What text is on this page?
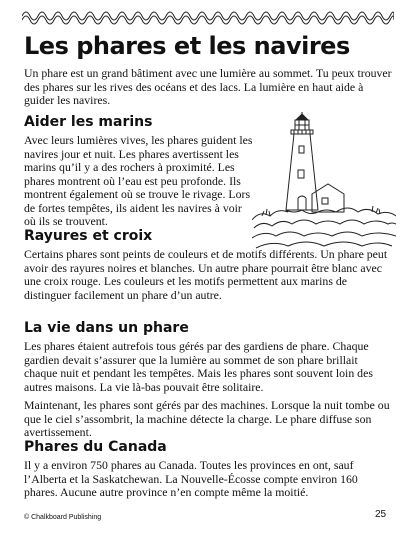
Les phares et les navires

Un phare est un grand bâtiment avec une lumière au sommet. Tu peux trouver des phares sur les rives des océans et des lacs. La lumière en haut aide à guider les navires.

Aider les marins

Avec leurs lumières vives, les phares guident les navires jour et nuit. Les phares avertissent les marins qu’il y a des rochers à proximité. Les phares montrent où l’eau est peu profonde. Ils montrent également où se trouve le rivage. Lors de fortes tempêtes, ils aident les navires à voir où ils se trouvent.

Rayures et croix

Certains phares sont peints de couleurs et de motifs différents. Un phare peut avoir des rayures noires et blanches. Un autre phare pourrait être blanc avec une croix rouge. Les couleurs et les motifs permettent aux marins de distinguer facilement un phare d’un autre.

La vie dans un phare

Les phares étaient autrefois tous gérés par des gardiens de phare. Chaque gardien devait s’assurer que la lumière au sommet de son phare brillait chaque nuit et pendant les tempêtes. Mais les phares sont souvent loin des autres maisons. La vie là-bas pouvait être solitaire.

Maintenant, les phares sont gérés par des machines. Lorsque la nuit tombe ou que le ciel s’assombrit, la machine détecte la charge. Le phare diffuse son avertissement.

Phares du Canada

Il y a environ 750 phares au Canada. Toutes les provinces en ont, sauf l’Alberta et la Saskatchewan. La Nouvelle-Écosse compte environ 160 phares. Aucune autre province n’en compte même la moitié.

© Chalkboard Publishing	25
